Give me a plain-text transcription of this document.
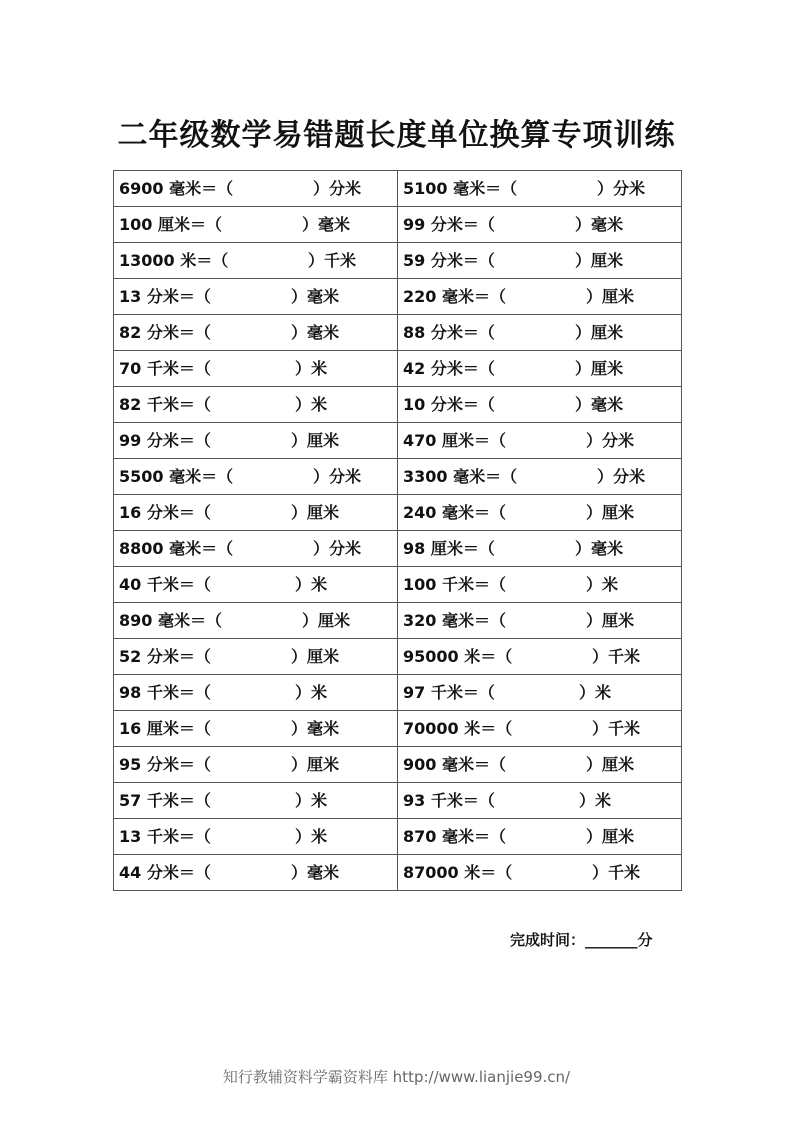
二年级数学易错题长度单位换算专项训练
6900 毫米＝（ ）分米	5100 毫米＝（ ）分米

100 厘米＝（ ）毫米	99 分米＝（ ）毫米

13000 米＝（ ）千米	59 分米＝（ ）厘米

13 分米＝（ ）毫米	220 毫米＝（ ）厘米

82 分米＝（ ）毫米	88 分米＝（ ）厘米

70 千米＝（ ）米	42 分米＝（ ）厘米

82 千米＝（ ）米	10 分米＝（ ）毫米

99 分米＝（ ）厘米	470 厘米＝（ ）分米

5500 毫米＝（ ）分米	3300 毫米＝（ ）分米

16 分米＝（ ）厘米	240 毫米＝（ ）厘米

8800 毫米＝（ ）分米	98 厘米＝（ ）毫米

40 千米＝（ ）米	100 千米＝（ ）米

890 毫米＝（ ）厘米	320 毫米＝（ ）厘米

52 分米＝（ ）厘米	95000 米＝（ ）千米

98 千米＝（ ）米	97 千米＝（ ）米

16 厘米＝（ ）毫米	70000 米＝（ ）千米

95 分米＝（ ）厘米	900 毫米＝（ ）厘米

57 千米＝（ ）米	93 千米＝（ ）米

13 千米＝（ ）米	870 毫米＝（ ）厘米

44 分米＝（ ）毫米	87000 米＝（ ）千米
完成时间：_______分
知行教辅资料学霸资料库 http://www.lianjie99.cn/
